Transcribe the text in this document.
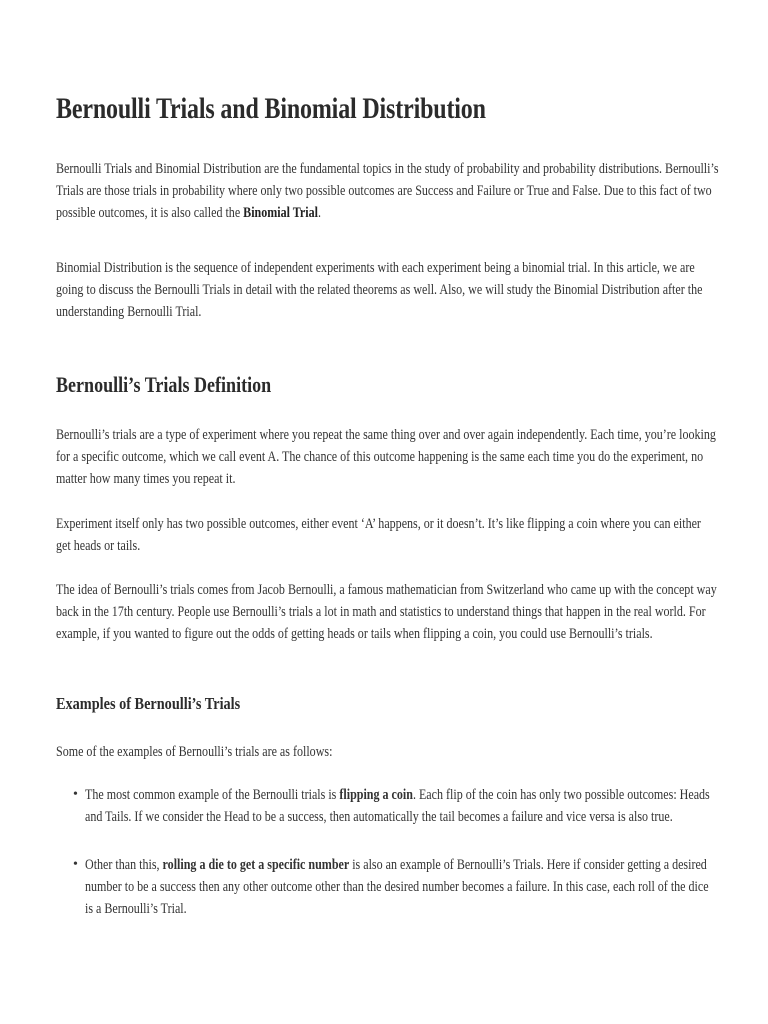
Bernoulli Trials and Binomial Distribution

Bernoulli Trials and Binomial Distribution are the fundamental topics in the study of probability and probability distributions. Bernoulli’s Trials are those trials in probability where only two possible outcomes are Success and Failure or True and False. Due to this fact of two possible outcomes, it is also called the Binomial Trial.

Binomial Distribution is the sequence of independent experiments with each experiment being a binomial trial. In this article, we are going to discuss the Bernoulli Trials in detail with the related theorems as well. Also, we will study the Binomial Distribution after the understanding Bernoulli Trial.

Bernoulli’s Trials Definition

Bernoulli’s trials are a type of experiment where you repeat the same thing over and over again independently. Each time, you’re looking for a specific outcome, which we call event A. The chance of this outcome happening is the same each time you do the experiment, no matter how many times you repeat it.

Experiment itself only has two possible outcomes, either event ‘A’ happens, or it doesn’t. It’s like flipping a coin where you can either get heads or tails.

The idea of Bernoulli’s trials comes from Jacob Bernoulli, a famous mathematician from Switzerland who came up with the concept way back in the 17th century. People use Bernoulli’s trials a lot in math and statistics to understand things that happen in the real world. For example, if you wanted to figure out the odds of getting heads or tails when flipping a coin, you could use Bernoulli’s trials.

Examples of Bernoulli’s Trials

Some of the examples of Bernoulli’s trials are as follows:

• The most common example of the Bernoulli trials is flipping a coin. Each flip of the coin has only two possible outcomes: Heads and Tails. If we consider the Head to be a success, then automatically the tail becomes a failure and vice versa is also true.

• Other than this, rolling a die to get a specific number is also an example of Bernoulli’s Trials. Here if consider getting a desired number to be a success then any other outcome other than the desired number becomes a failure. In this case, each roll of the dice is a Bernoulli’s Trial.
